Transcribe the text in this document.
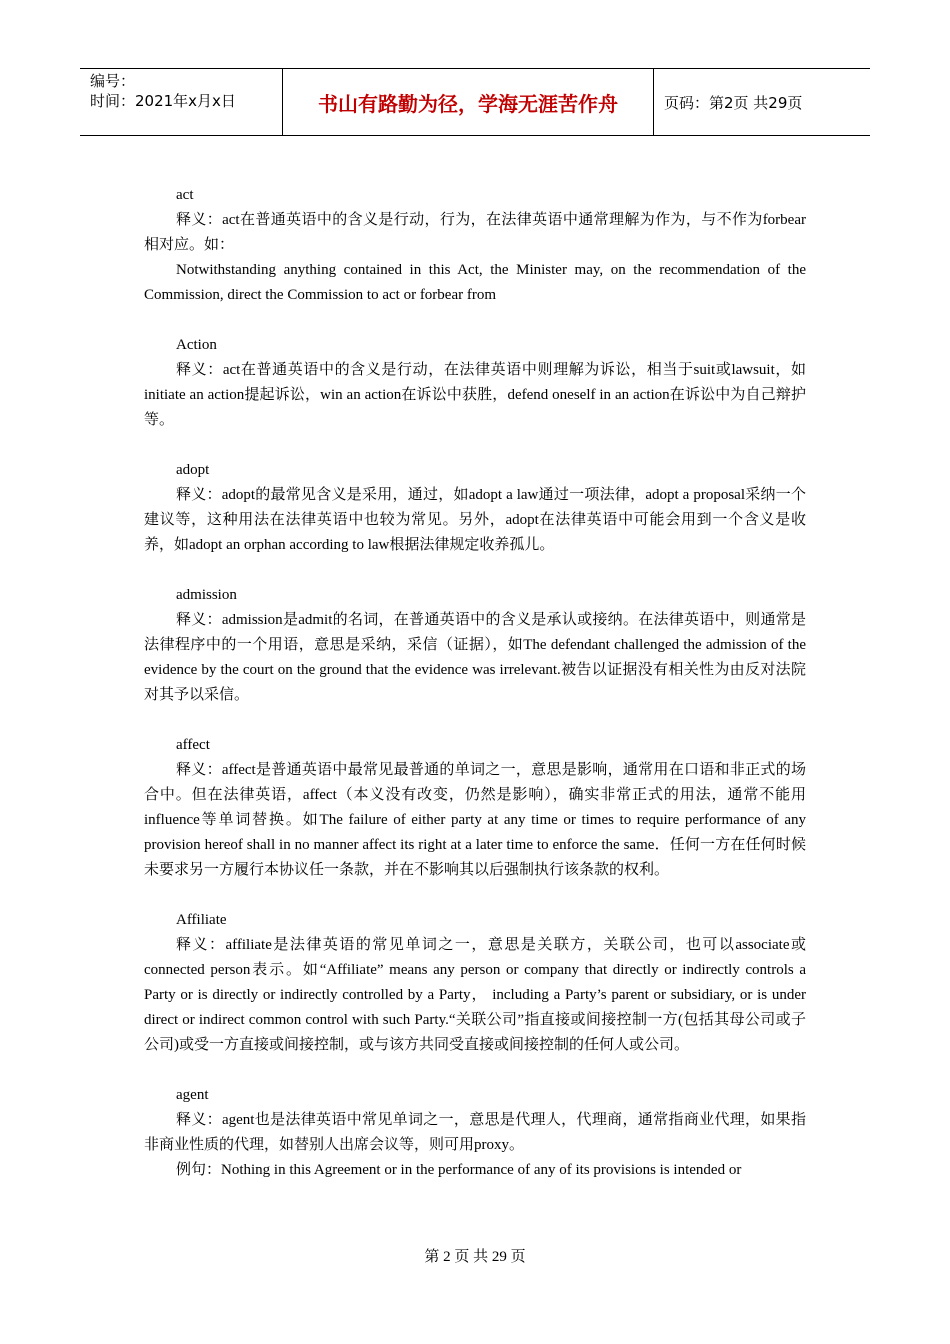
编号：
时间：2021年x月x日	书山有路勤为径，学海无涯苦作舟	页码：第2页 共29页
act
释义：act在普通英语中的含义是行动，行为，在法律英语中通常理解为作为，与不作为forbear相对应。如：
Notwithstanding anything contained in this Act, the Minister may, on the recommendation of the Commission, direct the Commission to act or forbear from
Action
释义：act在普通英语中的含义是行动，在法律英语中则理解为诉讼，相当于suit或lawsuit，如initiate an action提起诉讼，win an action在诉讼中获胜，defend oneself in an action在诉讼中为自己辩护等。
adopt
释义：adopt的最常见含义是采用，通过，如adopt a law通过一项法律，adopt a proposal采纳一个建议等，这种用法在法律英语中也较为常见。另外，adopt在法律英语中可能会用到一个含义是收养，如adopt an orphan according to law根据法律规定收养孤儿。
admission
释义：admission是admit的名词，在普通英语中的含义是承认或接纳。在法律英语中，则通常是法律程序中的一个用语，意思是采纳，采信（证据），如The defendant challenged the admission of the evidence by the court on the ground that the evidence was irrelevant.被告以证据没有相关性为由反对法院对其予以采信。
affect
释义：affect是普通英语中最常见最普通的单词之一，意思是影响，通常用在口语和非正式的场合中。但在法律英语，affect（本义没有改变，仍然是影响），确实非常正式的用法，通常不能用influence等单词替换。如The failure of either party at any time or times to require performance of any provision hereof shall in no manner affect its right at a later time to enforce the same．任何一方在任何时候未要求另一方履行本协议任一条款，并在不影响其以后强制执行该条款的权利。
Affiliate
释义：affiliate是法律英语的常见单词之一，意思是关联方，关联公司，也可以associate或connected person表示。如“Affiliate” means any person or company that directly or indirectly controls a Party or is directly or indirectly controlled by a Party， including a Party’s parent or subsidiary, or is under direct or indirect common control with such Party.“关联公司”指直接或间接控制一方(包括其母公司或子公司)或受一方直接或间接控制，或与该方共同受直接或间接控制的任何人或公司。
agent
释义：agent也是法律英语中常见单词之一，意思是代理人，代理商，通常指商业代理，如果指非商业性质的代理，如替别人出席会议等，则可用proxy。
例句：Nothing in this Agreement or in the performance of any of its provisions is intended or
第 2 页 共 29 页
